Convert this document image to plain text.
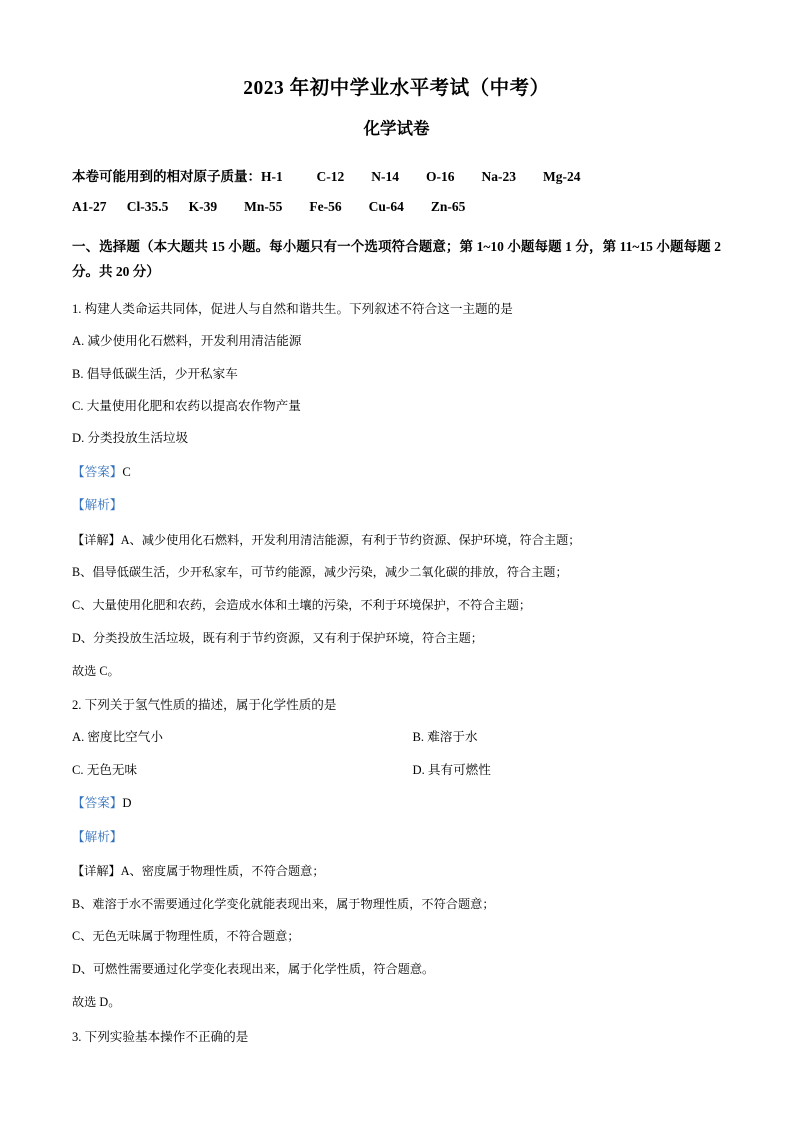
2023 年初中学业水平考试（中考）
化学试卷
本卷可能用到的相对原子质量：H-1          C-12        N-14        O-16        Na-23        Mg-24
A1-27      Cl-35.5      K-39        Mn-55        Fe-56        Cu-64        Zn-65
一、选择题（本大题共 15 小题。每小题只有一个选项符合题意；第 1~10 小题每题 1 分，第 11~15 小题每题 2 分。共 20 分）
1. 构建人类命运共同体，促进人与自然和谐共生。下列叙述不符合这一主题的是
A. 减少使用化石燃料，开发利用清洁能源
B. 倡导低碳生活，少开私家车
C. 大量使用化肥和农药以提高农作物产量
D. 分类投放生活垃圾
【答案】C
【解析】
【详解】A、减少使用化石燃料，开发利用清洁能源，有利于节约资源、保护环境，符合主题；
B、倡导低碳生活，少开私家车，可节约能源，减少污染，减少二氧化碳的排放，符合主题；
C、大量使用化肥和农药，会造成水体和土壤的污染，不利于环境保护，不符合主题；
D、分类投放生活垃圾，既有利于节约资源，又有利于保护环境，符合主题；
故选 C。
2. 下列关于氢气性质的描述，属于化学性质的是
A. 密度比空气小	B. 难溶于水
C. 无色无味	D. 具有可燃性
【答案】D
【解析】
【详解】A、密度属于物理性质，不符合题意；
B、难溶于水不需要通过化学变化就能表现出来，属于物理性质，不符合题意；
C、无色无味属于物理性质，不符合题意；
D、可燃性需要通过化学变化表现出来，属于化学性质，符合题意。
故选 D。
3. 下列实验基本操作不正确的是
